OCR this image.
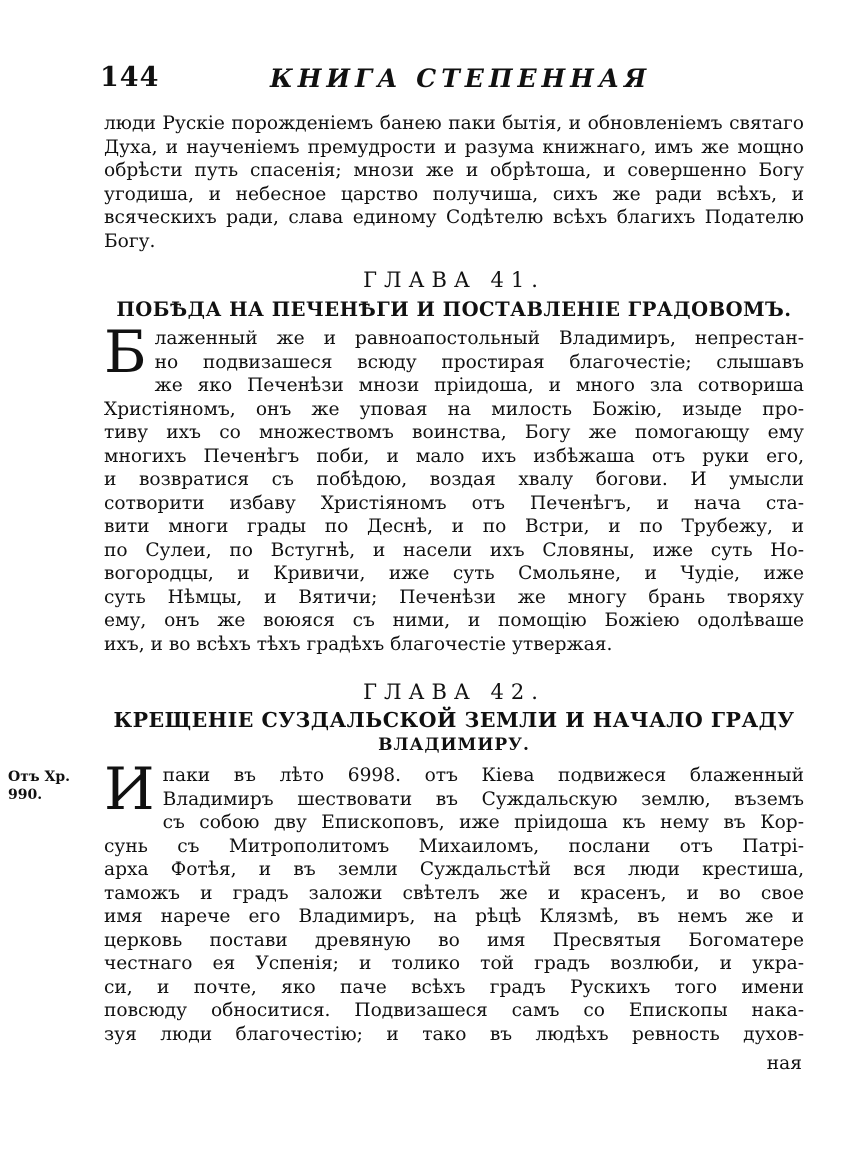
144	КНИГА СТЕПЕННАЯ
люди Рускiе порожденiемъ банею паки бытiя, и обновленiемъ святаго Духа, и наученiемъ премудрости и разума книжнаго, имъ же мощно обрѣсти путь спасенiя; мнози же и обрѣтоша, и совершенно Богу угодиша, и небесное царство получиша, сихъ же ради всѣхъ, и всяческихъ ради, слава единому Содѣтелю всѣхъ благихъ Подателю Богу.
ГЛАВА 41.
ПОБѢДА НА ПЕЧЕНѢГИ И ПОСТАВЛЕНIЕ ГРАДОВОМЪ.
Б лаженный же и равноапостольный Владимиръ, непрестан-
но подвизашеся всюду простирая благочестiе; слышавъ
же яко Печенѣзи мнози прiидоша, и много зла сотвориша
Христiяномъ, онъ же уповая на милость Божiю, изыде про-
тиву ихъ со множествомъ воинства, Богу же помогающу ему
многихъ Печенѣгъ поби, и мало ихъ избѣжаша отъ руки его,
и возвратися съ побѣдою, воздая хвалу богови. И умысли
сотворити избаву Христiяномъ отъ Печенѣгъ, и нача ста-
вити многи грады по Деснѣ, и по Встри, и по Трубежу, и
по Сулеи, по Встугнѣ, и насели ихъ Словяны, иже суть Но-
вогородцы, и Кривичи, иже суть Смольяне, и Чудiе, иже
суть Нѣмцы, и Вятичи; Печенѣзи же многу брань творяху
ему, онъ же воюяся съ ними, и помощiю Божiею одолѣваше
ихъ, и во всѣхъ тѣхъ градѣхъ благочестiе утвержая.
ГЛАВА 42.
КРЕЩЕНIЕ СУЗДАЛЬСКОЙ ЗЕМЛИ И НАЧАЛО ГРАДУ
ВЛАДИМИРУ.
Отъ Хр. 990.	И паки въ лѣто 6998. отъ Кiева подвижеся блаженный
Владимиръ шествовати въ Суждальскую землю, въземъ
съ собою дву Епископовъ, иже прiидоша къ нему въ Кор-
сунь съ Митрополитомъ Михаиломъ, послани отъ Патрi-
арха Фотѣя, и въ земли Суждальстѣй вся люди крестиша,
таможъ и градъ заложи свѣтелъ же и красенъ, и во свое
имя нарече его Владимиръ, на рѣцѣ Клязмѣ, въ немъ же и
церковь постави древяную во имя Пресвятыя Богоматере
честнаго ея Успенiя; и толико той градъ возлюби, и укра-
си, и почте, яко паче всѣхъ градъ Рускихъ того имени
повсюду обноситися. Подвизашеся самъ со Епископы нака-
зуя люди благочестiю; и тако въ людѣхъ ревность духов-
ная
